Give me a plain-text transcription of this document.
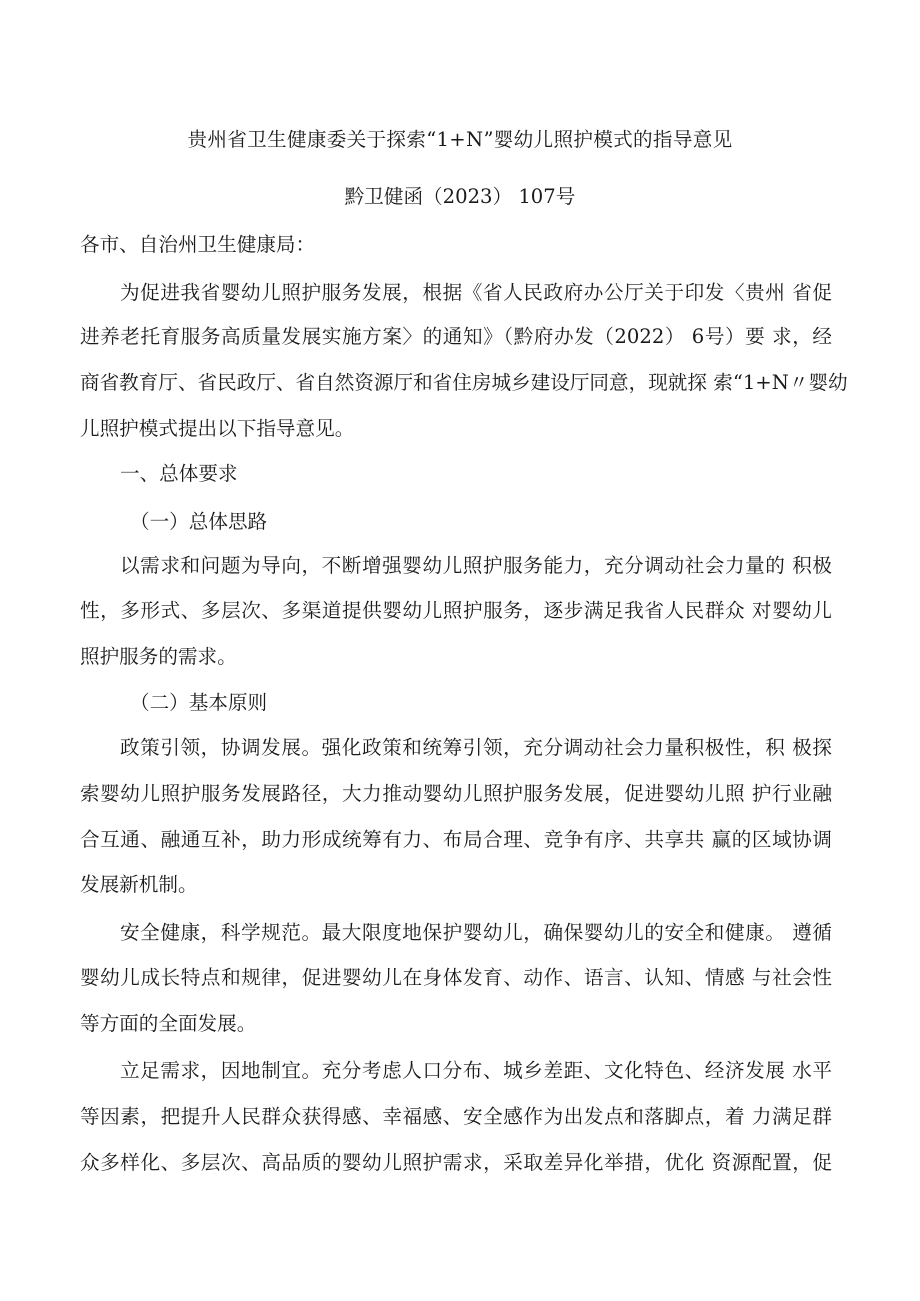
贵州省卫生健康委关于探索“1+N”婴幼儿照护模式的指导意见
黔卫健函（2023） 107号
各市、自治州卫生健康局：
为促进我省婴幼儿照护服务发展，根据《省人民政府办公厅关于印发〈贵州 省促
进养老托育服务高质量发展实施方案〉的通知》（黔府办发（2022） 6号）要 求，经
商省教育厅、省民政厅、省自然资源厅和省住房城乡建设厅同意，现就探 索“1+N〃婴幼
儿照护模式提出以下指导意见。
一、总体要求
（一）总体思路
以需求和问题为导向，不断增强婴幼儿照护服务能力，充分调动社会力量的 积极
性，多形式、多层次、多渠道提供婴幼儿照护服务，逐步满足我省人民群众 对婴幼儿
照护服务的需求。
（二）基本原则
政策引领，协调发展。强化政策和统筹引领，充分调动社会力量积极性，积 极探
索婴幼儿照护服务发展路径，大力推动婴幼儿照护服务发展，促进婴幼儿照 护行业融
合互通、融通互补，助力形成统筹有力、布局合理、竞争有序、共享共 赢的区域协调
发展新机制。
安全健康，科学规范。最大限度地保护婴幼儿，确保婴幼儿的安全和健康。 遵循
婴幼儿成长特点和规律，促进婴幼儿在身体发育、动作、语言、认知、情感 与社会性
等方面的全面发展。
立足需求，因地制宜。充分考虑人口分布、城乡差距、文化特色、经济发展 水平
等因素，把提升人民群众获得感、幸福感、安全感作为出发点和落脚点，着 力满足群
众多样化、多层次、高品质的婴幼儿照护需求，采取差异化举措，优化 资源配置，促
